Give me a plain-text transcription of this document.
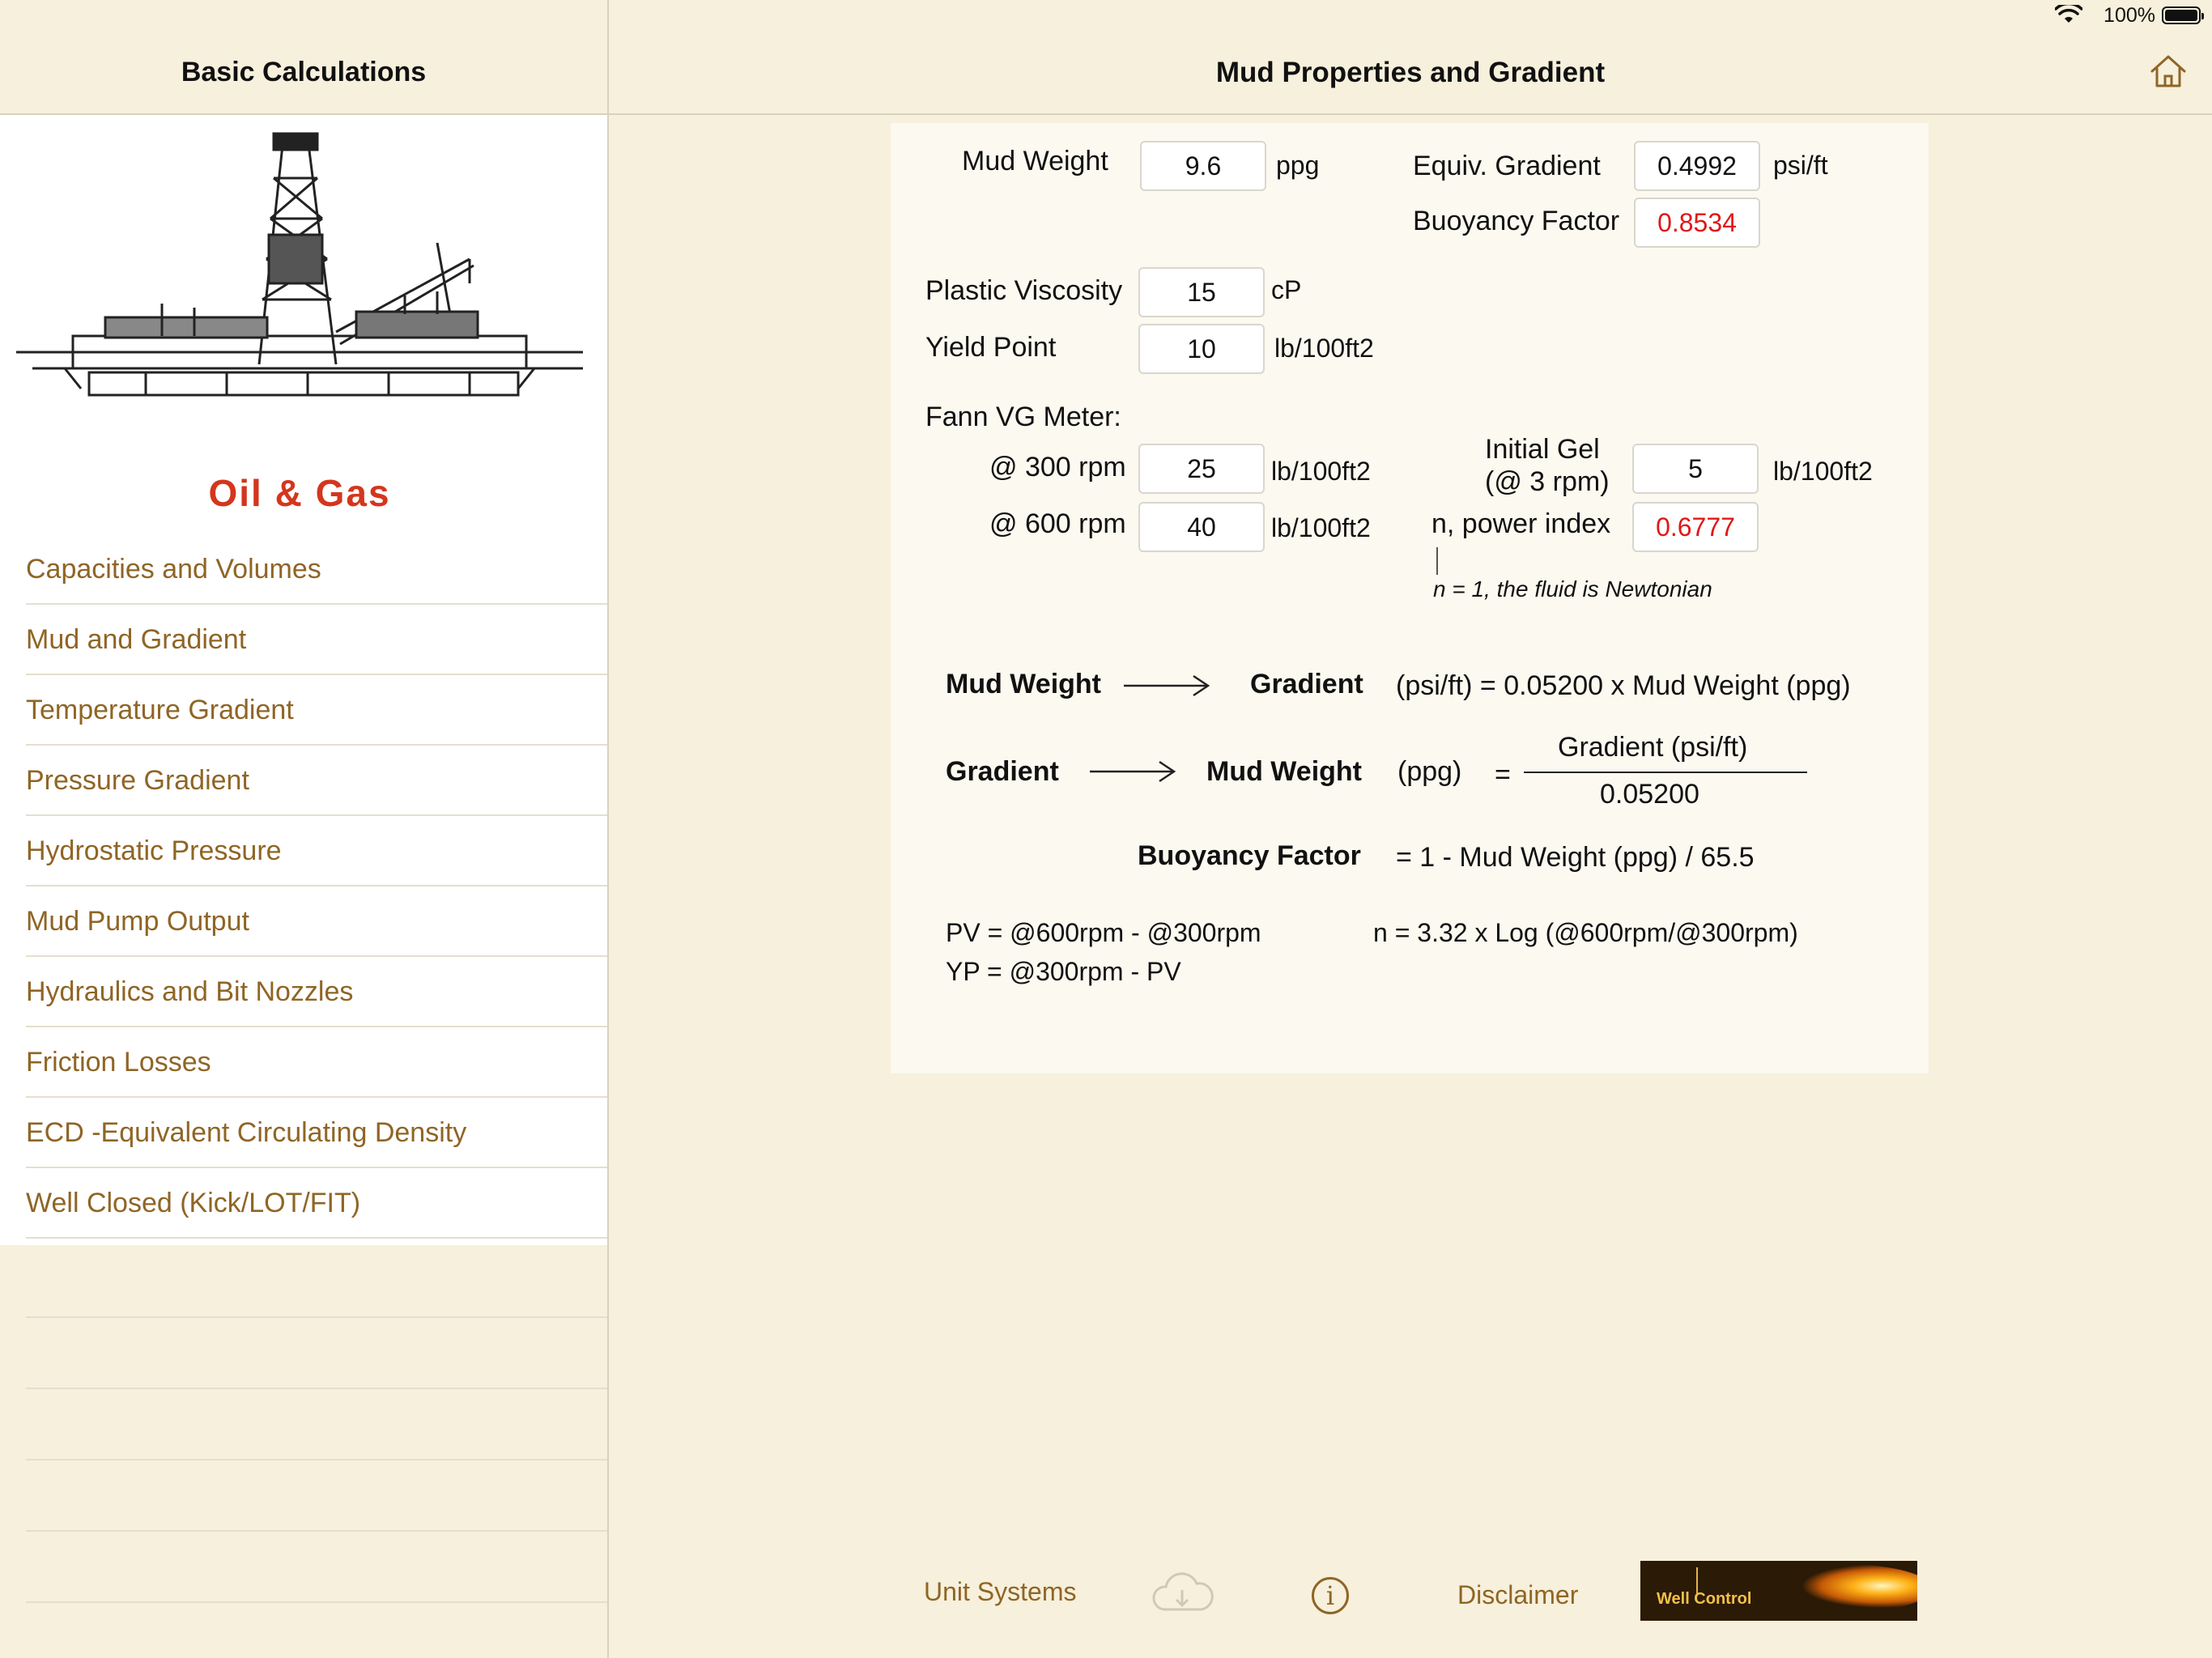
100%
Basic Calculations
Oil & Gas
Capacities and Volumes
Mud and Gradient
Temperature Gradient
Pressure Gradient
Hydrostatic Pressure
Mud Pump Output
Hydraulics and Bit Nozzles
Friction Losses
ECD -Equivalent Circulating Density
Well Closed (Kick/LOT/FIT)
Mud Properties and Gradient
Mud Weight	9.6	ppg	Equiv. Gradient	0.4992	psi/ft
Buoyancy Factor	0.8534
Plastic Viscosity	15	cP
Yield Point	10	lb/100ft2
Fann VG Meter:
@ 300 rpm	25	lb/100ft2
@ 600 rpm	40	lb/100ft2
Initial Gel
(@ 3 rpm)	5	lb/100ft2
n, power index	0.6777
n = 1, the fluid is Newtonian
Mud Weight	Gradient (psi/ft) = 0.05200 x Mud Weight (ppg)
Gradient	Mud Weight (ppg) =
Gradient (psi/ft)
0.05200
Buoyancy Factor = 1 - Mud Weight (ppg) / 65.5
PV = @600rpm - @300rpm
YP = @300rpm - PV
n = 3.32 x Log (@600rpm/@300rpm)
Unit Systems	i	Disclaimer	Well Control
